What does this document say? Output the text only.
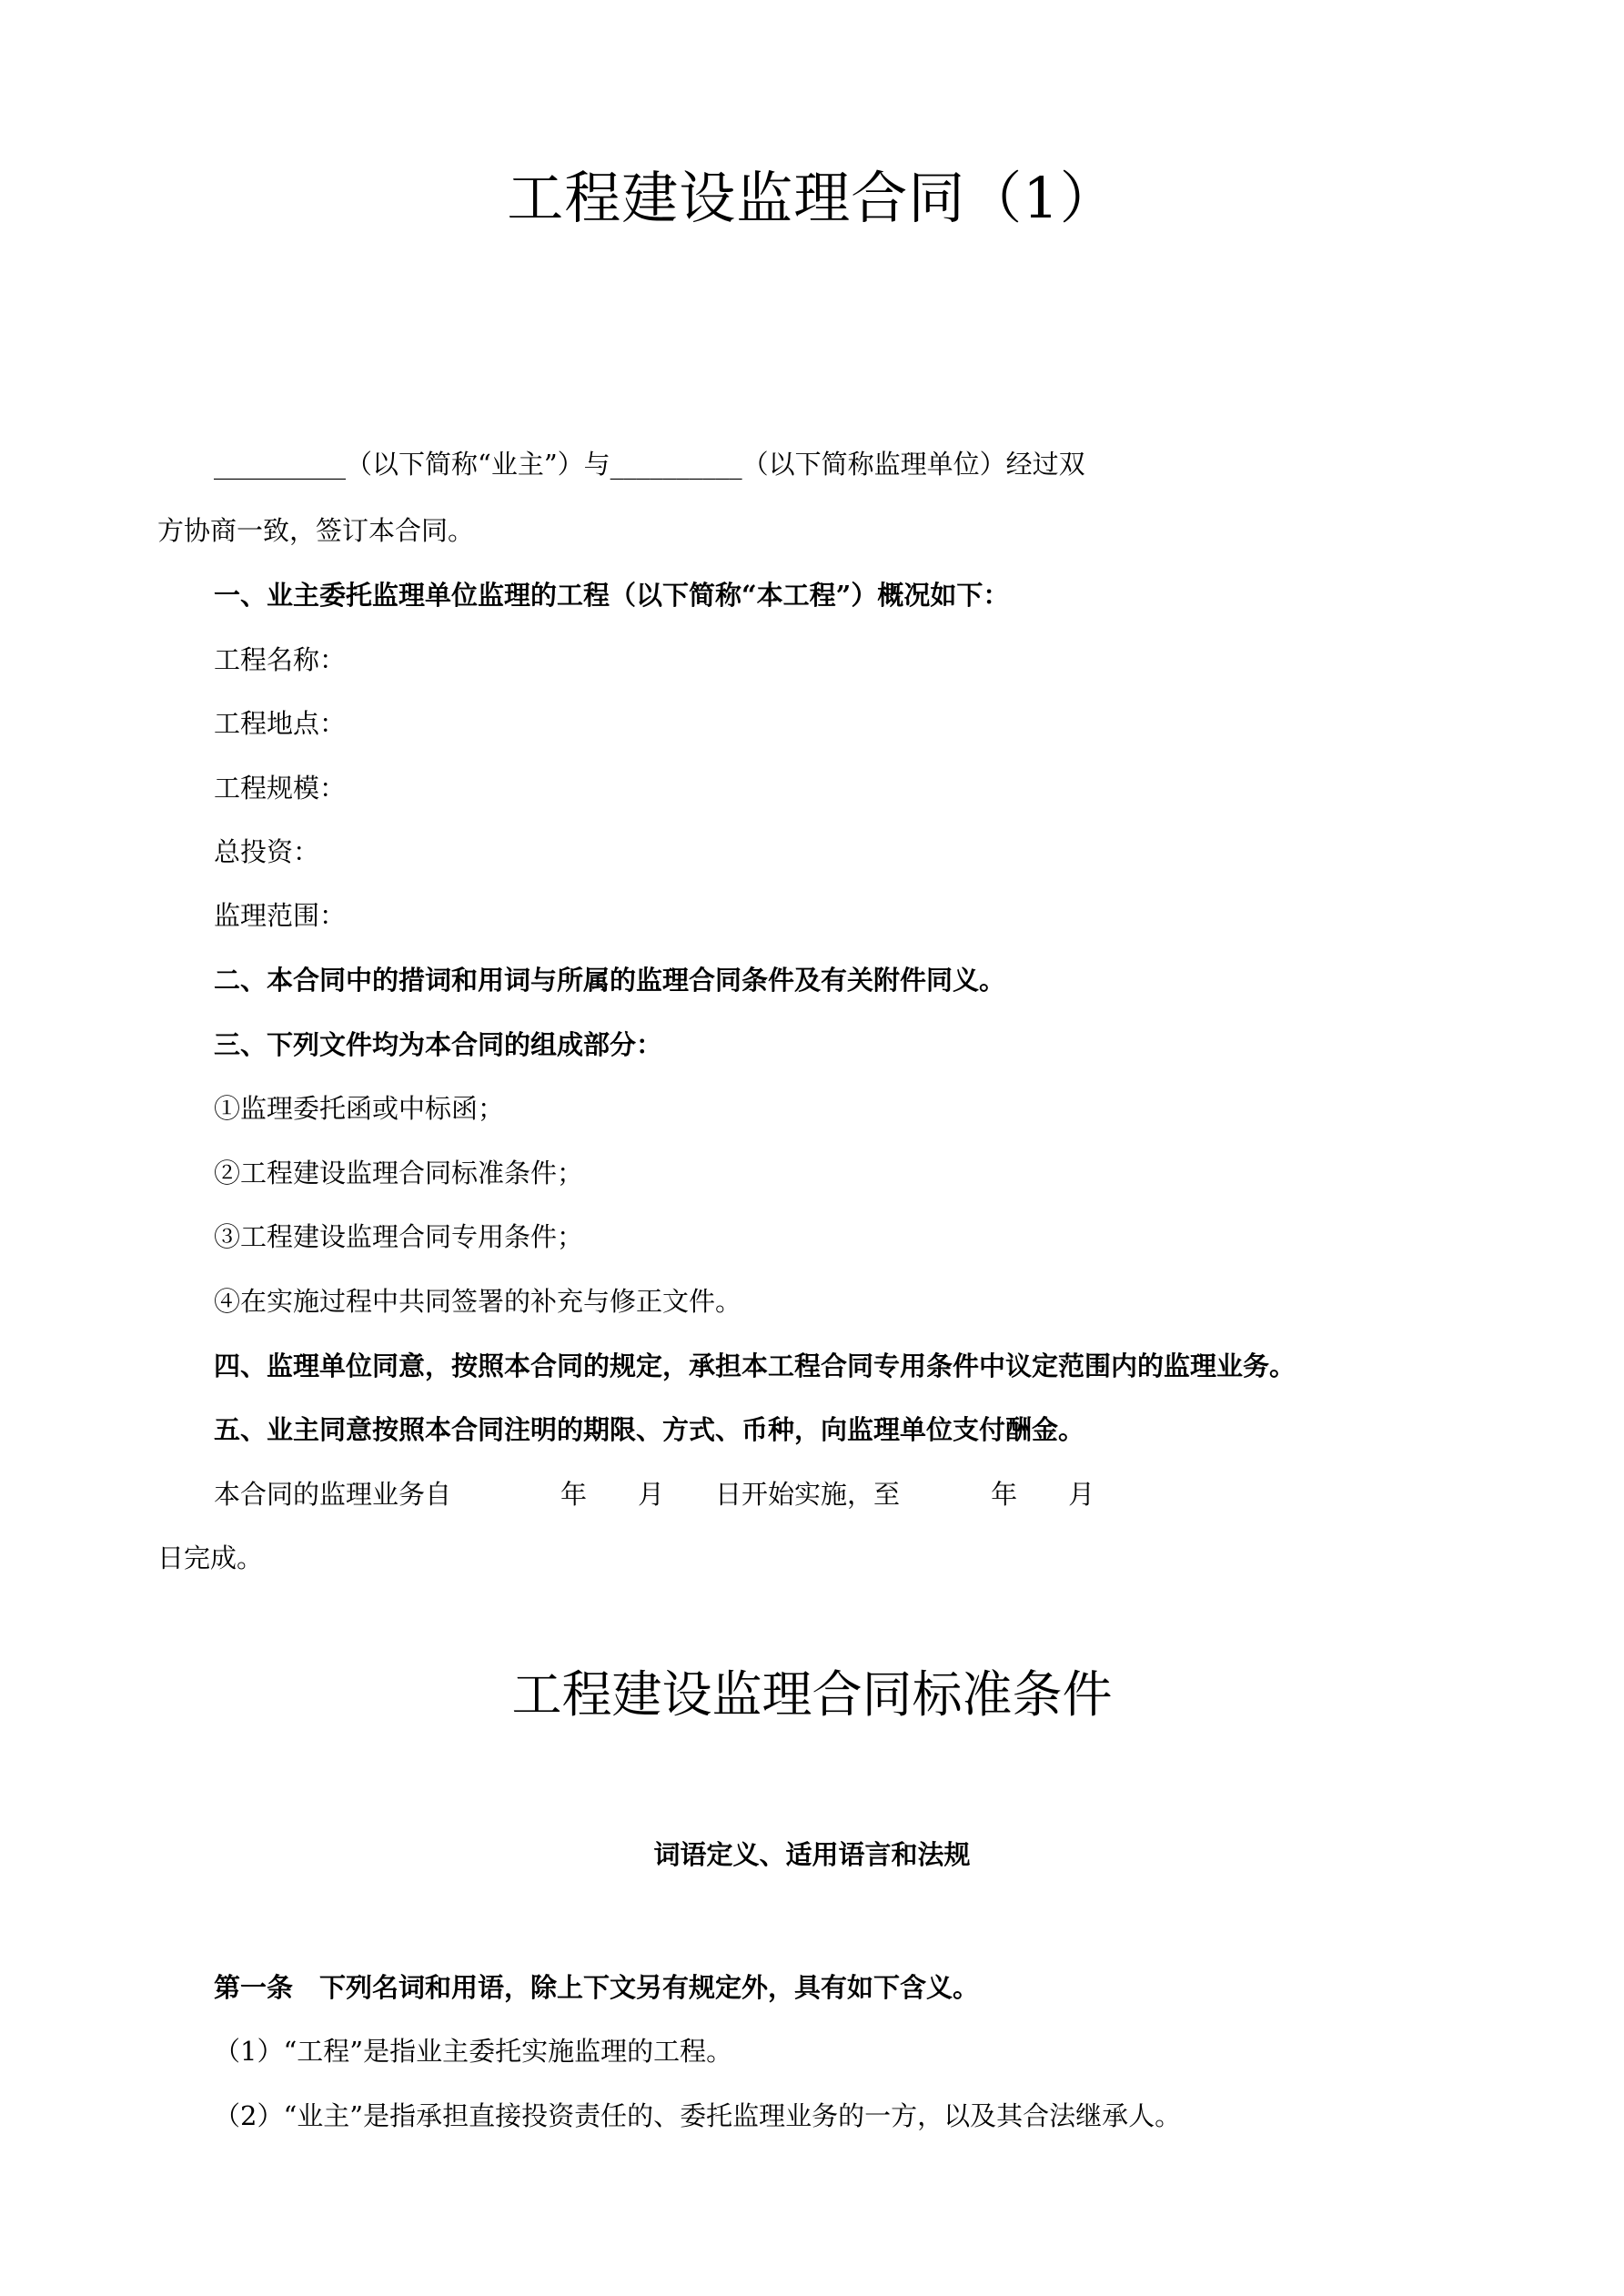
工程建设监理合同（1）

__________（以下简称“业主”）与__________（以下简称监理单位）经过双

方协商一致，签订本合同。

一、业主委托监理单位监理的工程（以下简称“本工程”）概况如下：

工程名称：

工程地点：

工程规模：

总投资：

监理范围：

二、本合同中的措词和用词与所属的监理合同条件及有关附件同义。

三、下列文件均为本合同的组成部分：

①监理委托函或中标函；

②工程建设监理合同标准条件；

③工程建设监理合同专用条件；

④在实施过程中共同签署的补充与修正文件。

四、监理单位同意，按照本合同的规定，承担本工程合同专用条件中议定范围内的监理业务。

五、业主同意按照本合同注明的期限、方式、币种，向监理单位支付酬金。

本合同的监理业务自	年 月 日开始实施，至	年 月

日完成。

工程建设监理合同标准条件
词语定义、适用语言和法规

第一条　下列名词和用语，除上下文另有规定外，具有如下含义。

（1）“工程”是指业主委托实施监理的工程。

（2）“业主”是指承担直接投资责任的、委托监理业务的一方，以及其合法继承人。
